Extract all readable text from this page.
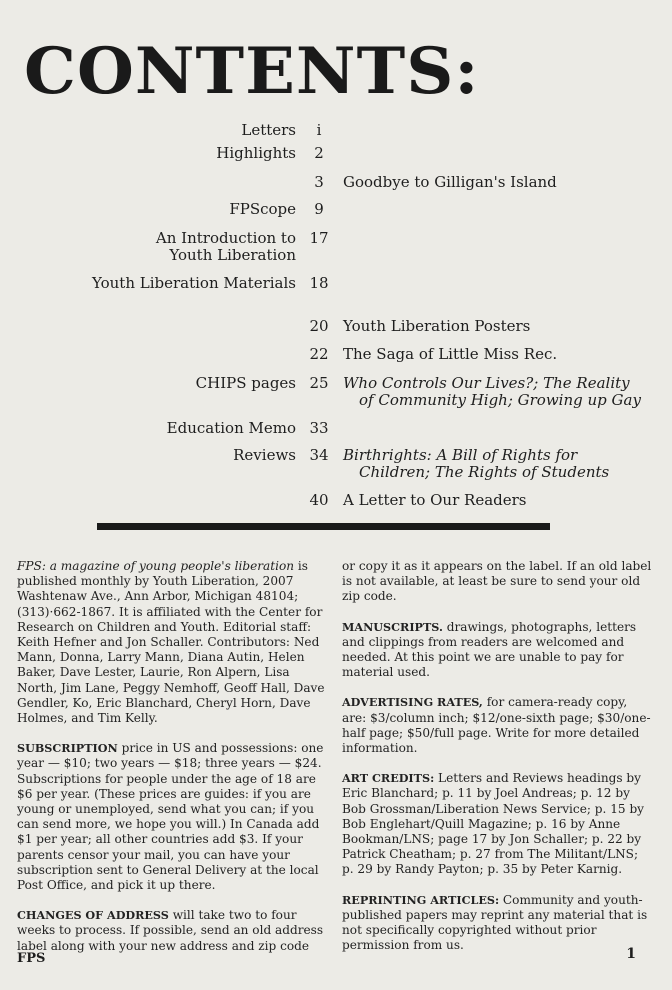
CONTENTS:
Letters	i
Highlights	2
3	Goodbye to Gilligan's Island
FPScope	9
An Introduction to 17
Youth Liberation
Youth Liberation Materials 18
20 Youth Liberation Posters
22 The Saga of Little Miss Rec.
CHIPS pages 25 Who Controls Our Lives?; The Reality
of Community High; Growing up Gay
Education Memo 33
Reviews 34 Birthrights: A Bill of Rights for
Children; The Rights of Students
40 A Letter to Our Readers

FPS: a magazine of young people's liberation is published monthly by Youth Liberation, 2007 Washtenaw Ave., Ann Arbor, Michigan 48104; (313)·662-1867. It is affiliated with the Center for Research on Children and Youth. Editorial staff: Keith Hefner and Jon Schaller. Contributors: Ned Mann, Donna, Larry Mann, Diana Autin, Helen Baker, Dave Lester, Laurie, Ron Alpern, Lisa North, Jim Lane, Peggy Nemhoff, Geoff Hall, Dave Gendler, Ko, Eric Blanchard, Cheryl Horn, Dave Holmes, and Tim Kelly.

SUBSCRIPTION price in US and possessions: one year — $10; two years — $18; three years — $24. Subscriptions for people under the age of 18 are $6 per year. (These prices are guides: if you are young or unemployed, send what you can; if you can send more, we hope you will.) In Canada add $1 per year; all other countries add $3. If your parents censor your mail, you can have your subscription sent to General Delivery at the local Post Office, and pick it up there.

CHANGES OF ADDRESS will take two to four weeks to process. If possible, send an old address label along with your new address and zip code

or copy it as it appears on the label. If an old label is not available, at least be sure to send your old zip code.

MANUSCRIPTS. drawings, photographs, letters and clippings from readers are welcomed and needed. At this point we are unable to pay for material used.

ADVERTISING RATES, for camera-ready copy, are: $3/column inch; $12/one-sixth page; $30/one-half page; $50/full page. Write for more detailed information.

ART CREDITS: Letters and Reviews headings by Eric Blanchard; p. 11 by Joel Andreas; p. 12 by Bob Grossman/Liberation News Service; p. 15 by Bob Englehart/Quill Magazine; p. 16 by Anne Bookman/LNS; page 17 by Jon Schaller; p. 22 by Patrick Cheatham; p. 27 from The Militant/LNS; p. 29 by Randy Payton; p. 35 by Peter Karnig.

REPRINTING ARTICLES: Community and youth-published papers may reprint any material that is not specifically copyrighted without prior permission from us.

FPS	1
